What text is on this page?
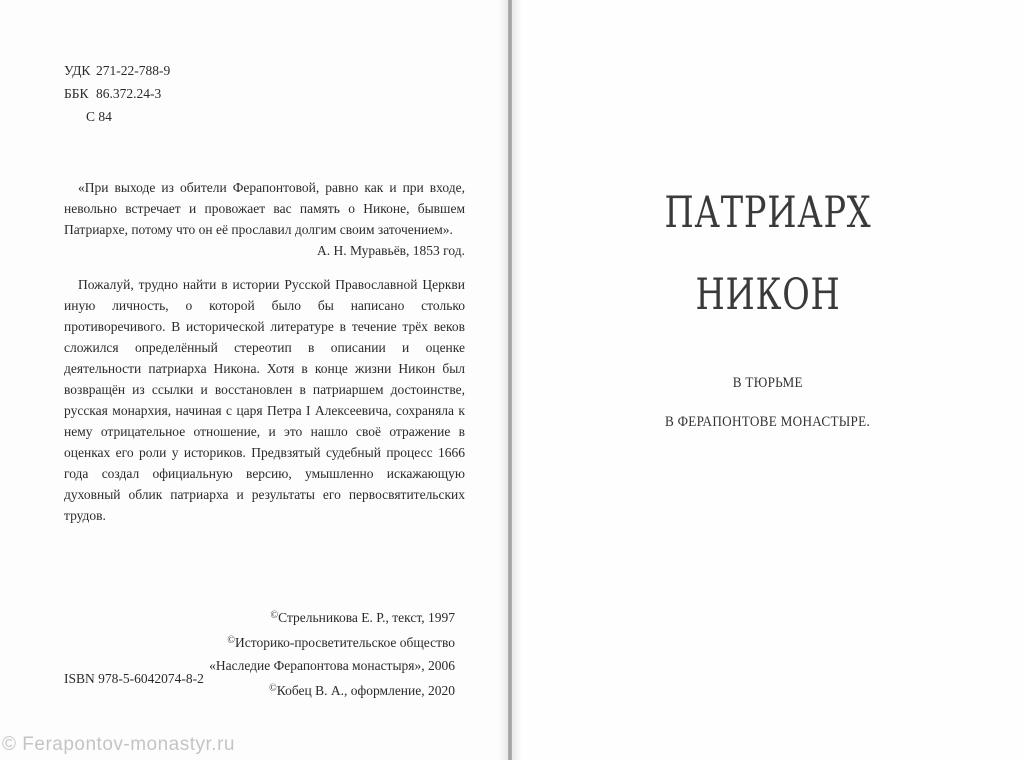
УДК 271-22-788-9
ББК 86.372.24-3
С 84

«При выходе из обители Ферапонтовой, равно как и при входе, невольно встречает и провожает вас память о Никоне, бывшем Патриархе, потому что он её прославил долгим своим заточением».

А. Н. Муравьёв, 1853 год.

Пожалуй, трудно найти в истории Русской Православной Церкви иную личность, о которой было бы написано столько противоречивого. В исторической литературе в течение трёх веков сложился определённый стереотип в описании и оценке деятельности патриарха Никона. Хотя в конце жизни Никон был возвращён из ссылки и восстановлен в патриаршем достоинстве, русская монархия, начиная с царя Петра I Алексеевича, сохраняла к нему отрицательное отношение, и это нашло своё отражение в оценках его роли у историков. Предвзятый судебный процесс 1666 года создал официальную версию, умышленно искажающую духовный облик патриарха и результаты его первосвятительских трудов.

©Стрельникова Е. Р., текст, 1997
©Историко-просветительское общество
«Наследие Ферапонтова монастыря», 2006
©Кобец В. А., оформление, 2020
ISBN 978-5-6042074-8-2
© Ferapontov-monastyr.ru
ПАТРИАРХ
НИКОН
В ТЮРЬМЕ
В ФЕРАПОНТОВЕ МОНАСТЫРЕ.
